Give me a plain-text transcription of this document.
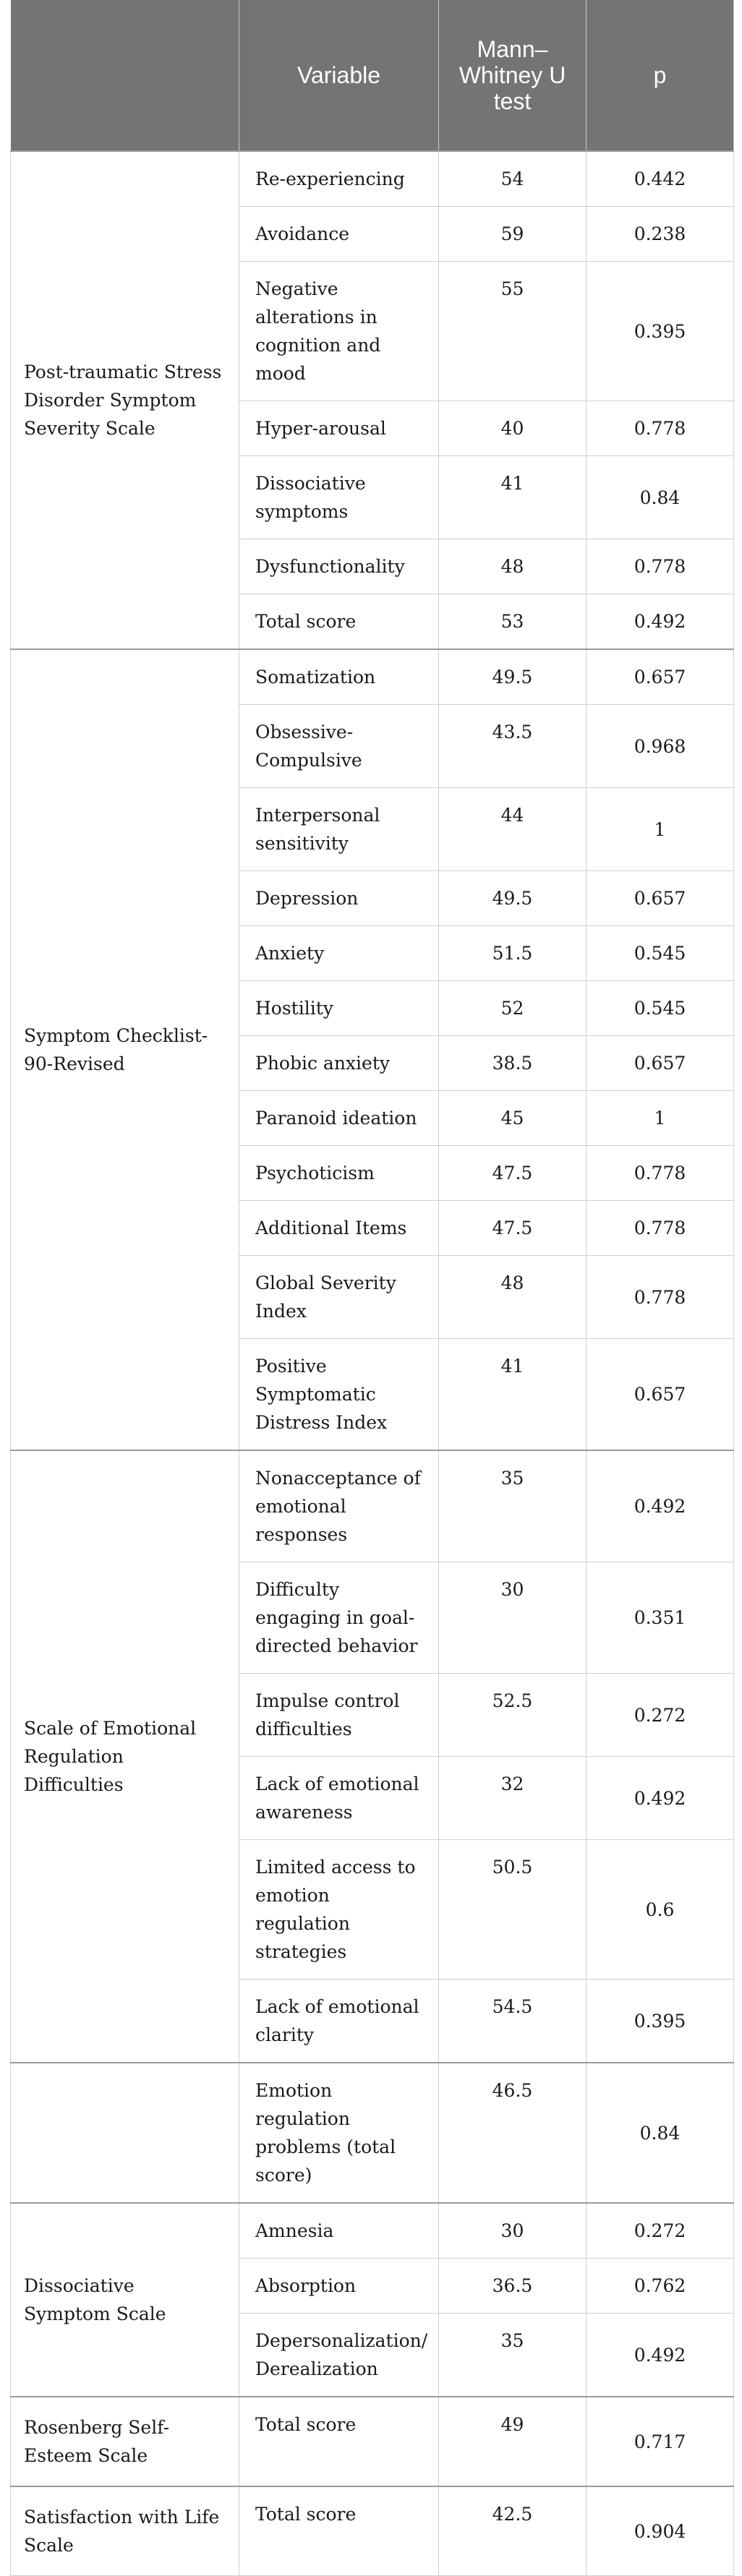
	Variable	Mann–Whitney U test	p
Post-traumatic Stress Disorder Symptom Severity Scale	Re-experiencing	54	0.442
	Avoidance	59	0.238
	Negative alterations in cognition and mood	55	0.395
	Hyper-arousal	40	0.778
	Dissociative symptoms	41	0.84
	Dysfunctionality	48	0.778
	Total score	53	0.492
Symptom Checklist-90-Revised	Somatization	49.5	0.657
	Obsessive-Compulsive	43.5	0.968
	Interpersonal sensitivity	44	1
	Depression	49.5	0.657
	Anxiety	51.5	0.545
	Hostility	52	0.545
	Phobic anxiety	38.5	0.657
	Paranoid ideation	45	1
	Psychoticism	47.5	0.778
	Additional Items	47.5	0.778
	Global Severity Index	48	0.778
	Positive Symptomatic Distress Index	41	0.657
Scale of Emotional Regulation Difficulties	Nonacceptance of emotional responses	35	0.492
	Difficulty engaging in goal-directed behavior	30	0.351
	Impulse control difficulties	52.5	0.272
	Lack of emotional awareness	32	0.492
	Limited access to emotion regulation strategies	50.5	0.6
	Lack of emotional clarity	54.5	0.395
	Emotion regulation problems (total score)	46.5	0.84
Dissociative Symptom Scale	Amnesia	30	0.272
	Absorption	36.5	0.762
	Depersonalization/ Derealization	35	0.492
Rosenberg Self-Esteem Scale	Total score	49	0.717
Satisfaction with Life Scale	Total score	42.5	0.904
